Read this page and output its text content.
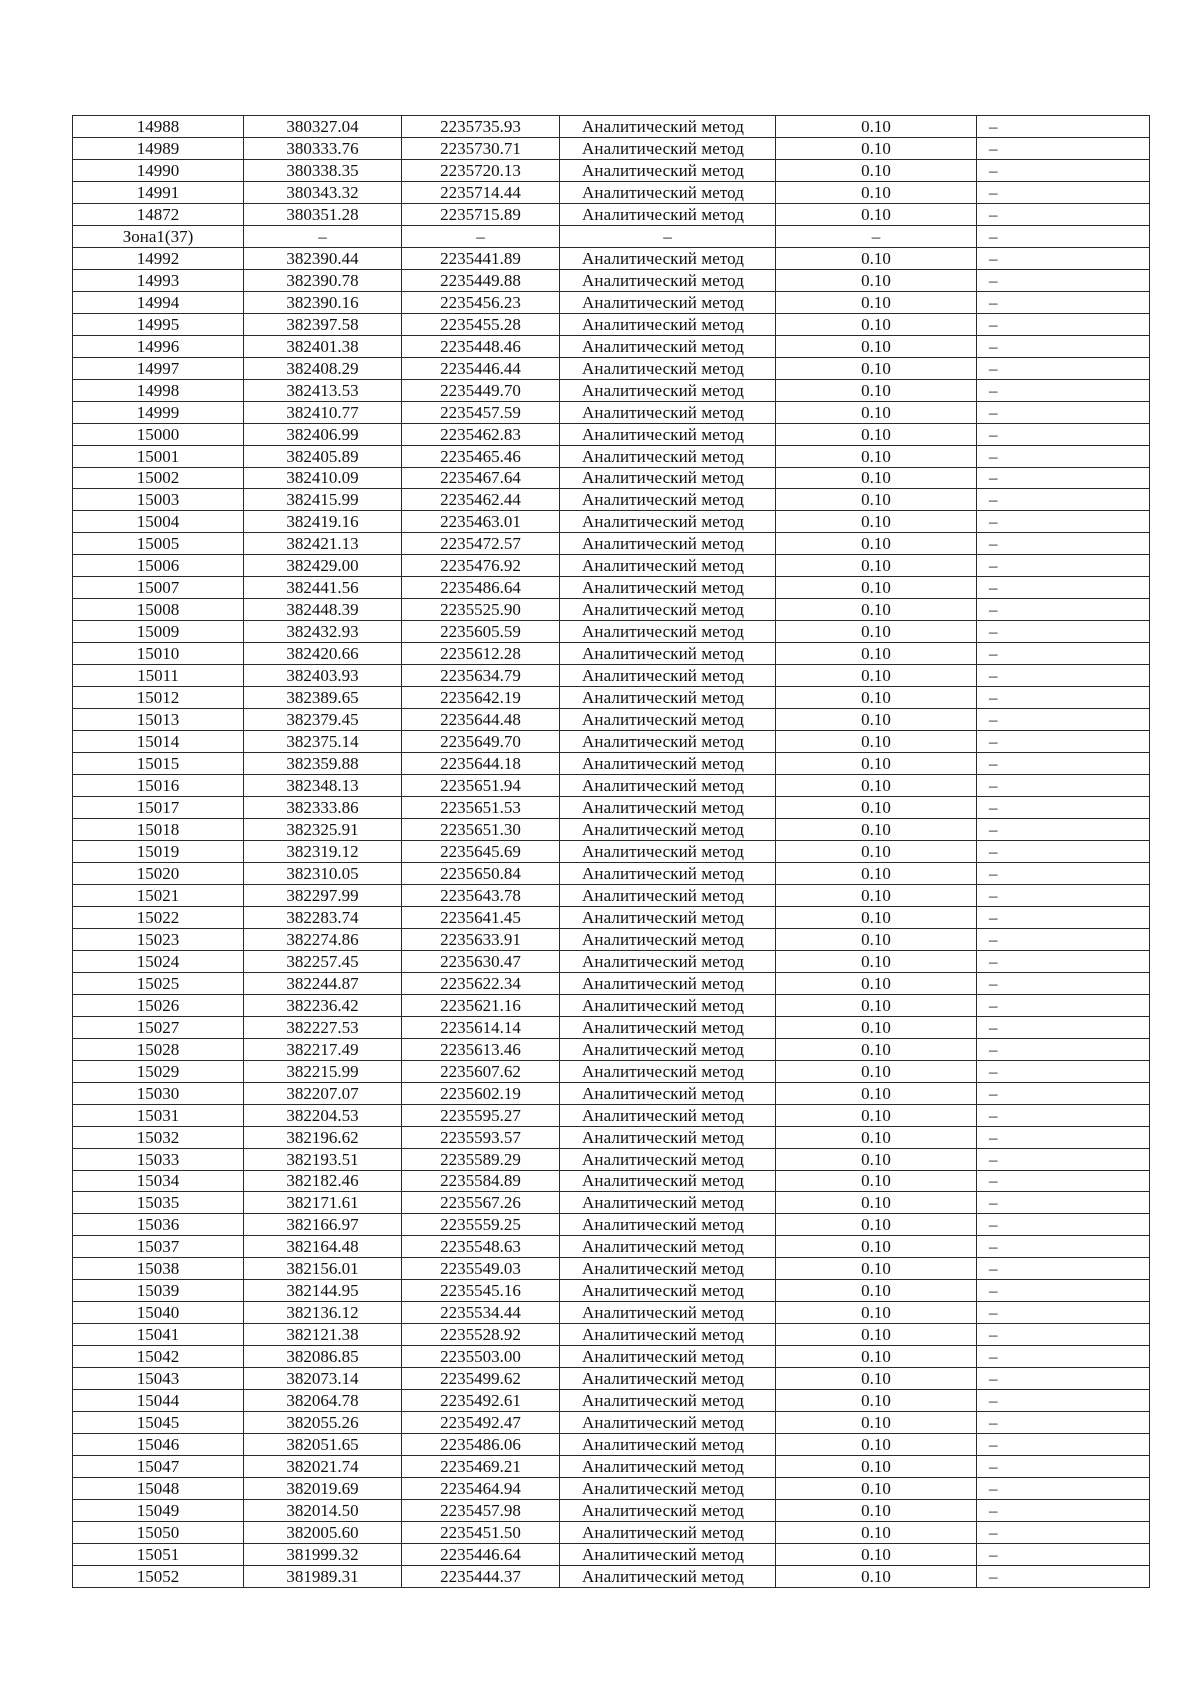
14988	380327.04	2235735.93	Аналитический метод	0.10	–
14989	380333.76	2235730.71	Аналитический метод	0.10	–
14990	380338.35	2235720.13	Аналитический метод	0.10	–
14991	380343.32	2235714.44	Аналитический метод	0.10	–
14872	380351.28	2235715.89	Аналитический метод	0.10	–
Зона1(37)	–	–	–	–	–
14992	382390.44	2235441.89	Аналитический метод	0.10	–
14993	382390.78	2235449.88	Аналитический метод	0.10	–
14994	382390.16	2235456.23	Аналитический метод	0.10	–
14995	382397.58	2235455.28	Аналитический метод	0.10	–
14996	382401.38	2235448.46	Аналитический метод	0.10	–
14997	382408.29	2235446.44	Аналитический метод	0.10	–
14998	382413.53	2235449.70	Аналитический метод	0.10	–
14999	382410.77	2235457.59	Аналитический метод	0.10	–
15000	382406.99	2235462.83	Аналитический метод	0.10	–
15001	382405.89	2235465.46	Аналитический метод	0.10	–
15002	382410.09	2235467.64	Аналитический метод	0.10	–
15003	382415.99	2235462.44	Аналитический метод	0.10	–
15004	382419.16	2235463.01	Аналитический метод	0.10	–
15005	382421.13	2235472.57	Аналитический метод	0.10	–
15006	382429.00	2235476.92	Аналитический метод	0.10	–
15007	382441.56	2235486.64	Аналитический метод	0.10	–
15008	382448.39	2235525.90	Аналитический метод	0.10	–
15009	382432.93	2235605.59	Аналитический метод	0.10	–
15010	382420.66	2235612.28	Аналитический метод	0.10	–
15011	382403.93	2235634.79	Аналитический метод	0.10	–
15012	382389.65	2235642.19	Аналитический метод	0.10	–
15013	382379.45	2235644.48	Аналитический метод	0.10	–
15014	382375.14	2235649.70	Аналитический метод	0.10	–
15015	382359.88	2235644.18	Аналитический метод	0.10	–
15016	382348.13	2235651.94	Аналитический метод	0.10	–
15017	382333.86	2235651.53	Аналитический метод	0.10	–
15018	382325.91	2235651.30	Аналитический метод	0.10	–
15019	382319.12	2235645.69	Аналитический метод	0.10	–
15020	382310.05	2235650.84	Аналитический метод	0.10	–
15021	382297.99	2235643.78	Аналитический метод	0.10	–
15022	382283.74	2235641.45	Аналитический метод	0.10	–
15023	382274.86	2235633.91	Аналитический метод	0.10	–
15024	382257.45	2235630.47	Аналитический метод	0.10	–
15025	382244.87	2235622.34	Аналитический метод	0.10	–
15026	382236.42	2235621.16	Аналитический метод	0.10	–
15027	382227.53	2235614.14	Аналитический метод	0.10	–
15028	382217.49	2235613.46	Аналитический метод	0.10	–
15029	382215.99	2235607.62	Аналитический метод	0.10	–
15030	382207.07	2235602.19	Аналитический метод	0.10	–
15031	382204.53	2235595.27	Аналитический метод	0.10	–
15032	382196.62	2235593.57	Аналитический метод	0.10	–
15033	382193.51	2235589.29	Аналитический метод	0.10	–
15034	382182.46	2235584.89	Аналитический метод	0.10	–
15035	382171.61	2235567.26	Аналитический метод	0.10	–
15036	382166.97	2235559.25	Аналитический метод	0.10	–
15037	382164.48	2235548.63	Аналитический метод	0.10	–
15038	382156.01	2235549.03	Аналитический метод	0.10	–
15039	382144.95	2235545.16	Аналитический метод	0.10	–
15040	382136.12	2235534.44	Аналитический метод	0.10	–
15041	382121.38	2235528.92	Аналитический метод	0.10	–
15042	382086.85	2235503.00	Аналитический метод	0.10	–
15043	382073.14	2235499.62	Аналитический метод	0.10	–
15044	382064.78	2235492.61	Аналитический метод	0.10	–
15045	382055.26	2235492.47	Аналитический метод	0.10	–
15046	382051.65	2235486.06	Аналитический метод	0.10	–
15047	382021.74	2235469.21	Аналитический метод	0.10	–
15048	382019.69	2235464.94	Аналитический метод	0.10	–
15049	382014.50	2235457.98	Аналитический метод	0.10	–
15050	382005.60	2235451.50	Аналитический метод	0.10	–
15051	381999.32	2235446.64	Аналитический метод	0.10	–
15052	381989.31	2235444.37	Аналитический метод	0.10	–
